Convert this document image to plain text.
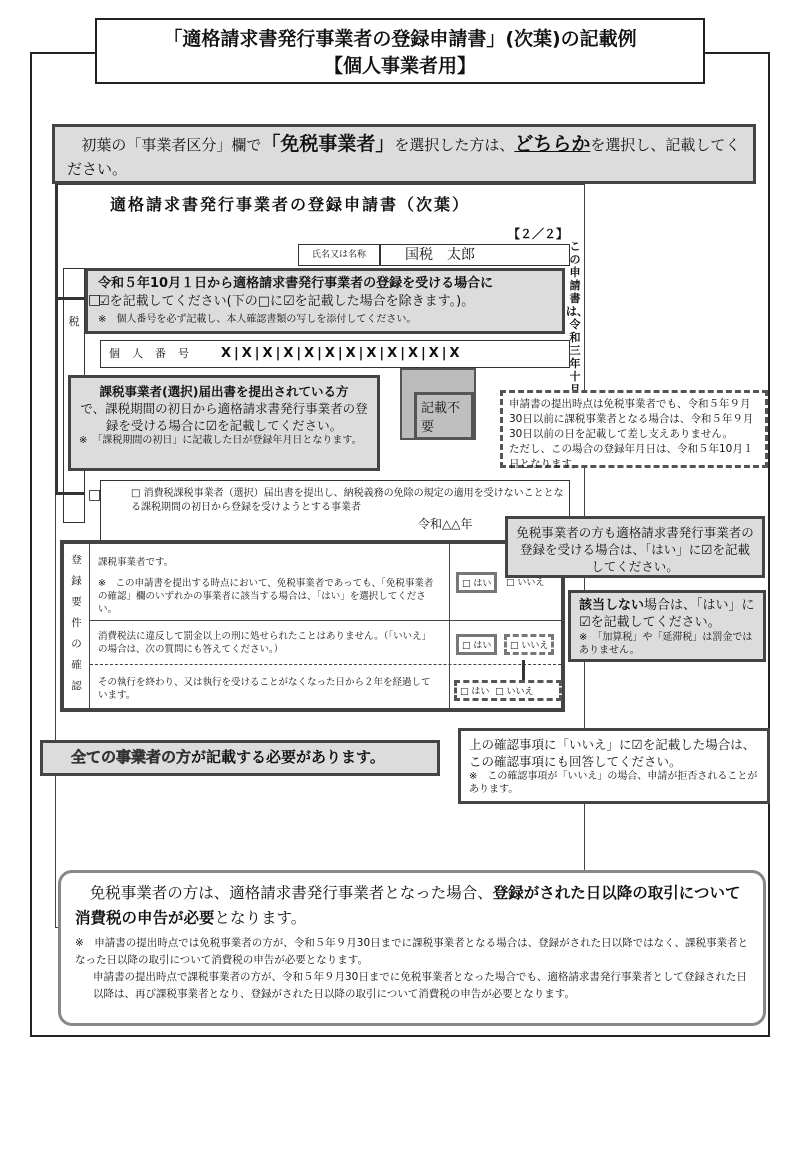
「適格請求書発行事業者の登録申請書」(次葉)の記載例
【個人事業者用】
初葉の「事業者区分」欄で「免税事業者」を選択した方は、どちらかを選択し、記載してください。
適格請求書発行事業者の登録申請書（次葉）
【２／２】
氏名又は名称	国税　太郎
この申請書は、令和三年十
税
□
□
個人番号 X|X|X|X|X|X|X|X|X|X|X|X
□ 消費税課税事業者（選択）届出書を提出し、納税義務の免除の規定の適用を受けないこととなる課税期間の初日から登録を受けようとする事業者
令和△△年
令和５年10月１日から適格請求書発行事業者の登録を受ける場合に
☑を記載してください(下の□に☑を記載した場合を除きます。)。
※　個人番号を必ず記載し、本人確認書類の写しを添付してください。
課税事業者(選択)届出書を提出されている方
で、課税期間の初日から適格請求書発行事業者の登録を受ける場合に☑を記載してください。
※　「課税期間の初日」に記載した日が登録年月日となります。
記載不要
申請書の提出時点は免税事業者でも、令和５年９月30日以前に課税事業者となる場合は、令和５年９月30日以前の日を記載して差し支えありません。
ただし、この場合の登録年月日は、令和５年10月１日となります。
登
録
要
件
の
確
認
課税事業者です。
※　この申請書を提出する時点において、免税事業者であっても、「免税事業者の確認」欄のいずれかの事業者に該当する場合は、「はい」を選択してください。
□ はい	□ いいえ
消費税法に違反して罰金以上の刑に処せられたことはありません。（「いいえ」の場合は、次の質問にも答えてください。）	□ はい	□ いいえ
その執行を終わり、又は執行を受けることがなくなった日から２年を経過しています。	□ はい □ いいえ
免税事業者の方も適格請求書発行事業者の登録を受ける場合は、「はい」に☑を記載してください。
該当しない場合は、「はい」に☑を記載してください。
※　「加算税」や「延滞税」は罰金ではありません。
全ての事業者の方が記載する必要があります。
上の確認事項に「いいえ」に☑を記載した場合は、この確認事項にも回答してください。
※　この確認事項が「いいえ」の場合、申請が拒否されることがあります。
免税事業者の方は、適格請求書発行事業者となった場合、登録がされた日以降の取引について消費税の申告が必要となります。
※　申請書の提出時点では免税事業者の方が、令和５年９月30日までに課税事業者となる場合は、登録がされた日以降ではなく、課税事業者となった日以降の取引について消費税の申告が必要となります。
申請書の提出時点で課税事業者の方が、令和５年９月30日までに免税事業者となった場合でも、適格請求書発行事業者として登録された日以降は、再び課税事業者となり、登録がされた日以降の取引について消費税の申告が必要となります。
